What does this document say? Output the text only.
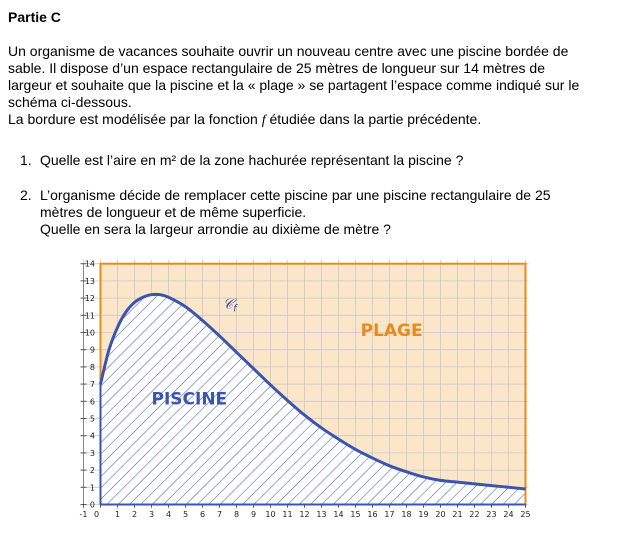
Partie C
Un organisme de vacances souhaite ouvrir un nouveau centre avec une piscine bordée de
sable. Il dispose d’un espace rectangulaire de 25 mètres de longueur sur 14 mètres de
largeur et souhaite que la piscine et la « plage » se partagent l’espace comme indiqué sur le
schéma ci-dessous.
La bordure est modélisée par la fonction f étudiée dans la partie précédente.
1. Quelle est l’aire en m² de la zone hachurée représentant la piscine ?
2. L’organisme décide de remplacer cette piscine par une piscine rectangulaire de 25
mètres de longueur et de même superficie.
Quelle en sera la largeur arrondie au dixième de mètre ?
-1 0 1 2 3 4 5 6 7 8 9 10 11 12 13 14 15 16 17 18 19 20 21 22 23 24 25
0
1
2
3
4
5
6
7
8
9
10
11
12
13
14
𝒞$_f$
PISCINE
PLAGE
